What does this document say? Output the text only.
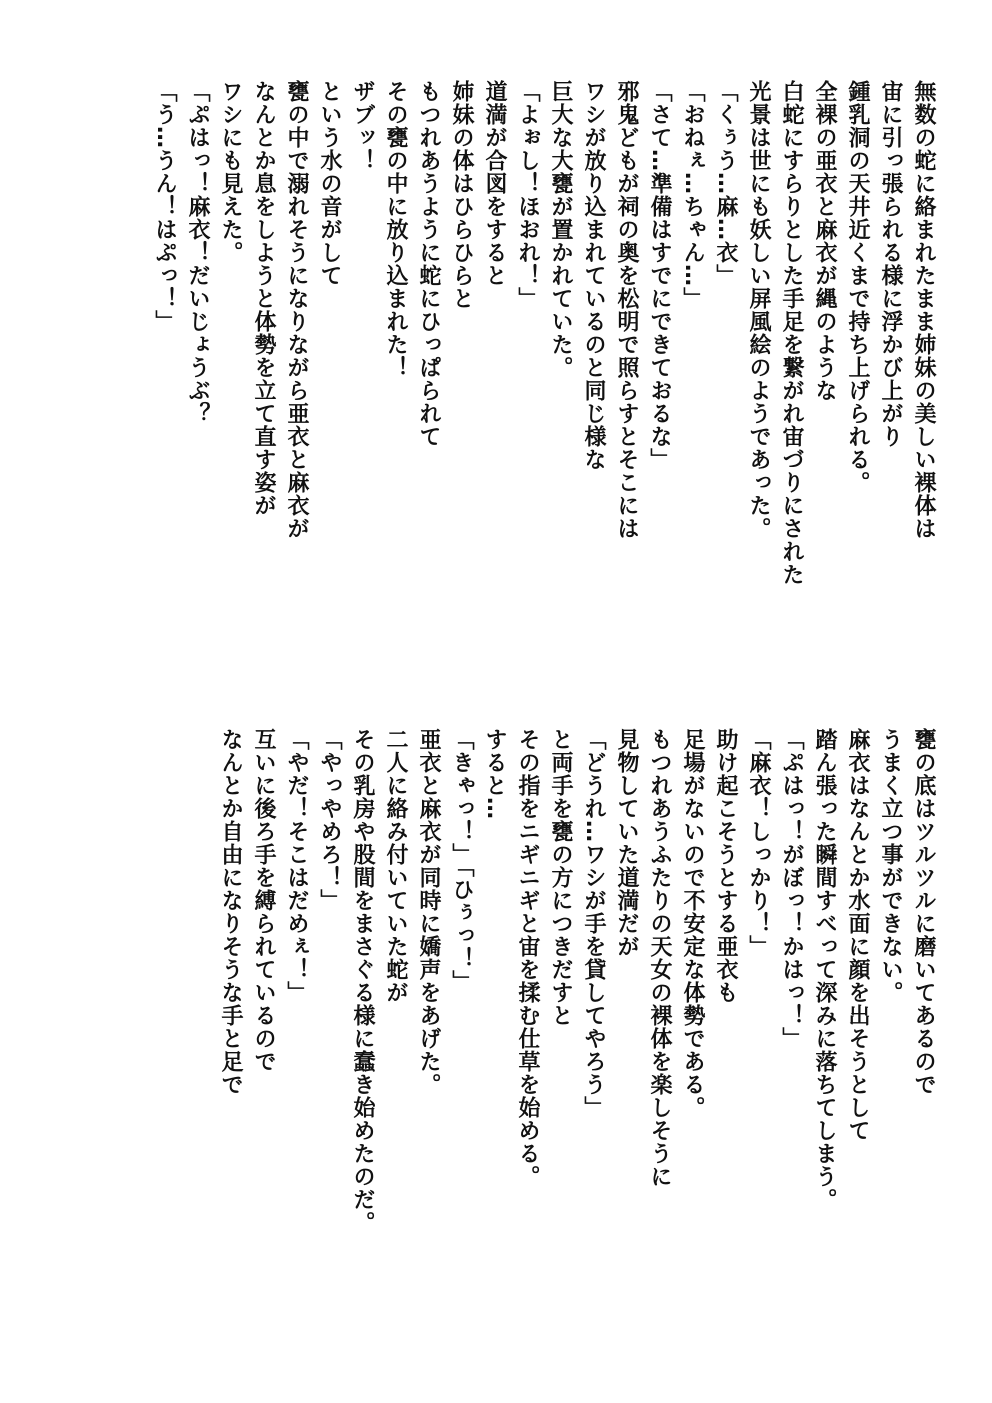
無数の蛇に絡まれたまま姉妹の美しい裸体は
宙に引っ張られる様に浮かび上がり
鍾乳洞の天井近くまで持ち上げられる。
全裸の亜衣と麻衣が縄のような
白蛇にすらりとした手足を繋がれ宙づりにされた
光景は世にも妖しい屏風絵のようであった。
「くぅう…麻…衣」
「おねぇ…ちゃん…」
「さて…準備はすでにできておるな」
邪鬼どもが祠の奥を松明で照らすとそこには
ワシが放り込まれているのと同じ様な
巨大な大甕が置かれていた。
「よぉし！ほおれ！」
道満が合図をすると
姉妹の体はひらひらと
もつれあうように蛇にひっぱられて
その甕の中に放り込まれた！
ザブッ！
という水の音がして
甕の中で溺れそうになりながら亜衣と麻衣が
なんとか息をしようと体勢を立て直す姿が
ワシにも見えた。
「ぷはっ！麻衣！だいじょうぶ？
「う…うん！はぷっ！」
甕の底はツルツルに磨いてあるので
うまく立つ事ができない。
麻衣はなんとか水面に顔を出そうとして
踏ん張った瞬間すべって深みに落ちてしまう。
「ぷはっ！がぼっ！かはっ！」
「麻衣！しっかり！」
助け起こそうとする亜衣も
足場がないので不安定な体勢である。
もつれあうふたりの天女の裸体を楽しそうに
見物していた道満だが
「どうれ…ワシが手を貸してやろう」
と両手を甕の方につきだすと
その指をニギニギと宙を揉む仕草を始める。
すると…
「きゃっ！」「ひぅっ！」
亜衣と麻衣が同時に嬌声をあげた。
二人に絡み付いていた蛇が
その乳房や股間をまさぐる様に蠢き始めたのだ。
「やっやめろ！」
「やだ！そこはだめぇ！」
互いに後ろ手を縛られているので
なんとか自由になりそうな手と足で
